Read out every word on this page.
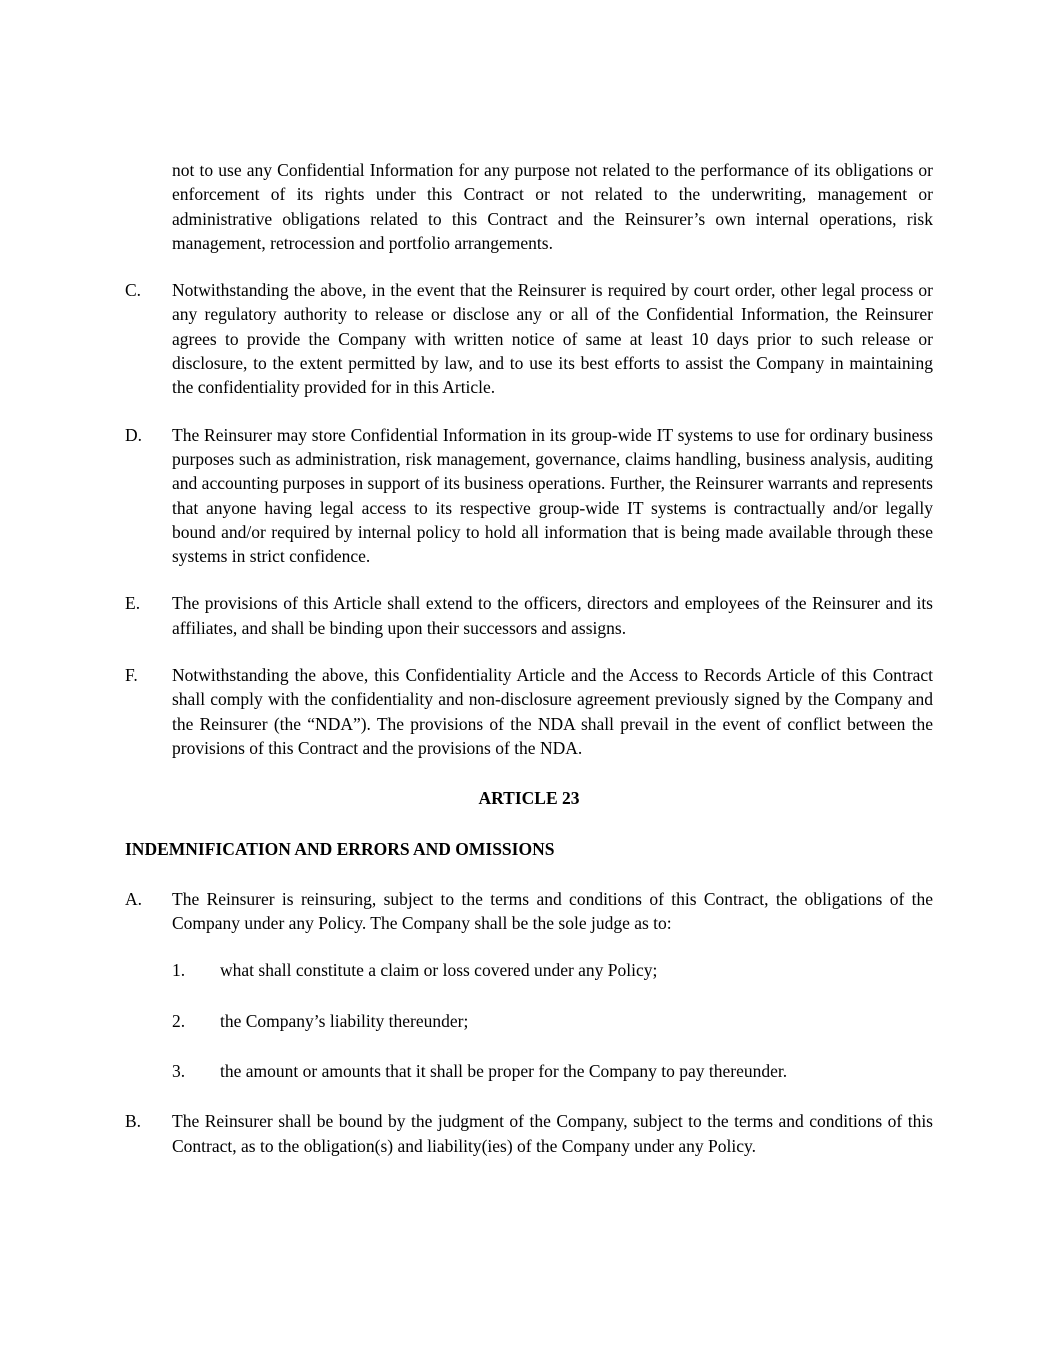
not to use any Confidential Information for any purpose not related to the performance of its obligations or enforcement of its rights under this Contract or not related to the underwriting, management or administrative obligations related to this Contract and the Reinsurer’s own internal operations, risk management, retrocession and portfolio arrangements.
C.	Notwithstanding the above, in the event that the Reinsurer is required by court order, other legal process or any regulatory authority to release or disclose any or all of the Confidential Information, the Reinsurer agrees to provide the Company with written notice of same at least 10 days prior to such release or disclosure, to the extent permitted by law, and to use its best efforts to assist the Company in maintaining the confidentiality provided for in this Article.
D.	The Reinsurer may store Confidential Information in its group-wide IT systems to use for ordinary business purposes such as administration, risk management, governance, claims handling, business analysis, auditing and accounting purposes in support of its business operations. Further, the Reinsurer warrants and represents that anyone having legal access to its respective group-wide IT systems is contractually and/or legally bound and/or required by internal policy to hold all information that is being made available through these systems in strict confidence.
E.	The provisions of this Article shall extend to the officers, directors and employees of the Reinsurer and its affiliates, and shall be binding upon their successors and assigns.
F.	Notwithstanding the above, this Confidentiality Article and the Access to Records Article of this Contract shall comply with the confidentiality and non-disclosure agreement previously signed by the Company and the Reinsurer (the “NDA”). The provisions of the NDA shall prevail in the event of conflict between the provisions of this Contract and the provisions of the NDA.
ARTICLE 23
INDEMNIFICATION AND ERRORS AND OMISSIONS
A.	The Reinsurer is reinsuring, subject to the terms and conditions of this Contract, the obligations of the Company under any Policy. The Company shall be the sole judge as to:
1.	what shall constitute a claim or loss covered under any Policy;
2.	the Company’s liability thereunder;
3.	the amount or amounts that it shall be proper for the Company to pay thereunder.
B.	The Reinsurer shall be bound by the judgment of the Company, subject to the terms and conditions of this Contract, as to the obligation(s) and liability(ies) of the Company under any Policy.
